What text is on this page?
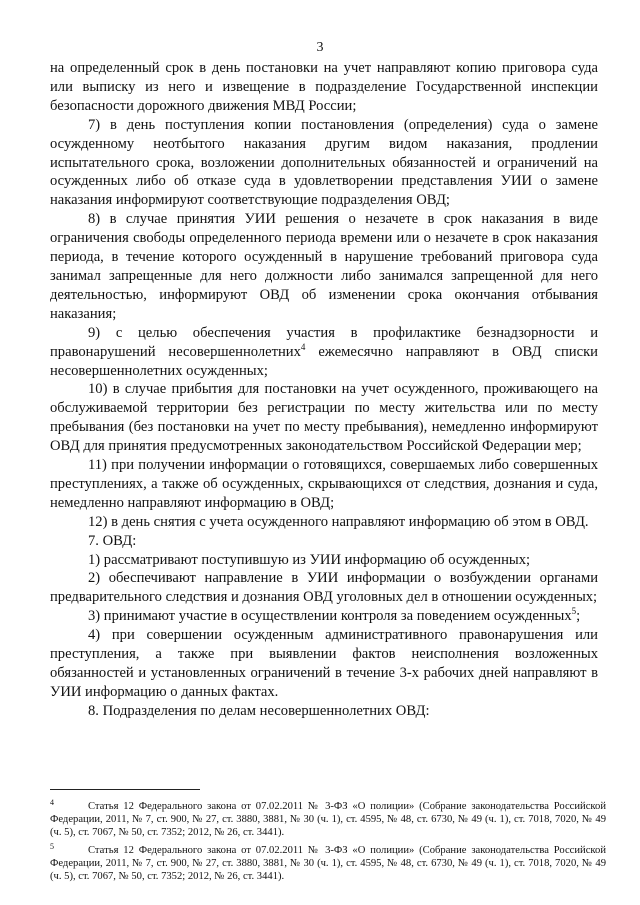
3

на определенный срок в день постановки на учет направляют копию приговора суда или выписку из него и извещение в подразделение Государственной инспекции безопасности дорожного движения МВД России;

7) в день поступления копии постановления (определения) суда о замене осужденному неотбытого наказания другим видом наказания, продлении испытательного срока, возложении дополнительных обязанностей и ограничений на осужденных либо об отказе суда в удовлетворении представления УИИ о замене наказания информируют соответствующие подразделения ОВД;

8) в случае принятия УИИ решения о незачете в срок наказания в виде ограничения свободы определенного периода времени или о незачете в срок наказания периода, в течение которого осужденный в нарушение требований приговора суда занимал запрещенные для него должности либо занимался запрещенной для него деятельностью, информируют ОВД об изменении срока окончания отбывания наказания;

9) с целью обеспечения участия в профилактике безнадзорности и правонарушений несовершеннолетних$^4$ ежемесячно направляют в ОВД списки несовершеннолетних осужденных;

10) в случае прибытия для постановки на учет осужденного, проживающего на обслуживаемой территории без регистрации по месту жительства или по месту пребывания (без постановки на учет по месту пребывания), немедленно информируют ОВД для принятия предусмотренных законодательством Российской Федерации мер;

11) при получении информации о готовящихся, совершаемых либо совершенных преступлениях, а также об осужденных, скрывающихся от следствия, дознания и суда, немедленно направляют информацию в ОВД;

12) в день снятия с учета осужденного направляют информацию об этом в ОВД.

7. ОВД:

1) рассматривают поступившую из УИИ информацию об осужденных;

2) обеспечивают направление в УИИ информации о возбуждении органами предварительного следствия и дознания ОВД уголовных дел в отношении осужденных;

3) принимают участие в осуществлении контроля за поведением осужденных$^5$;

4) при совершении осужденным административного правонарушения или преступления, а также при выявлении фактов неисполнения возложенных обязанностей и установленных ограничений в течение 3-х рабочих дней направляют в УИИ информацию о данных фактах.

8. Подразделения по делам несовершеннолетних ОВД:

4	Статья 12 Федерального закона от 07.02.2011 № 3-ФЗ «О полиции» (Собрание законодательства Российской Федерации, 2011, № 7, ст. 900, № 27, ст. 3880, 3881, № 30 (ч. 1), ст. 4595, № 48, ст. 6730, № 49 (ч. 1), ст. 7018, 7020, № 49 (ч. 5), ст. 7067, № 50, ст. 7352; 2012, № 26, ст. 3441).

5	Статья 12 Федерального закона от 07.02.2011 № 3-ФЗ «О полиции» (Собрание законодательства Российской Федерации, 2011, № 7, ст. 900, № 27, ст. 3880, 3881, № 30 (ч. 1), ст. 4595, № 48, ст. 6730, № 49 (ч. 1), ст. 7018, 7020, № 49 (ч. 5), ст. 7067, № 50, ст. 7352; 2012, № 26, ст. 3441).
